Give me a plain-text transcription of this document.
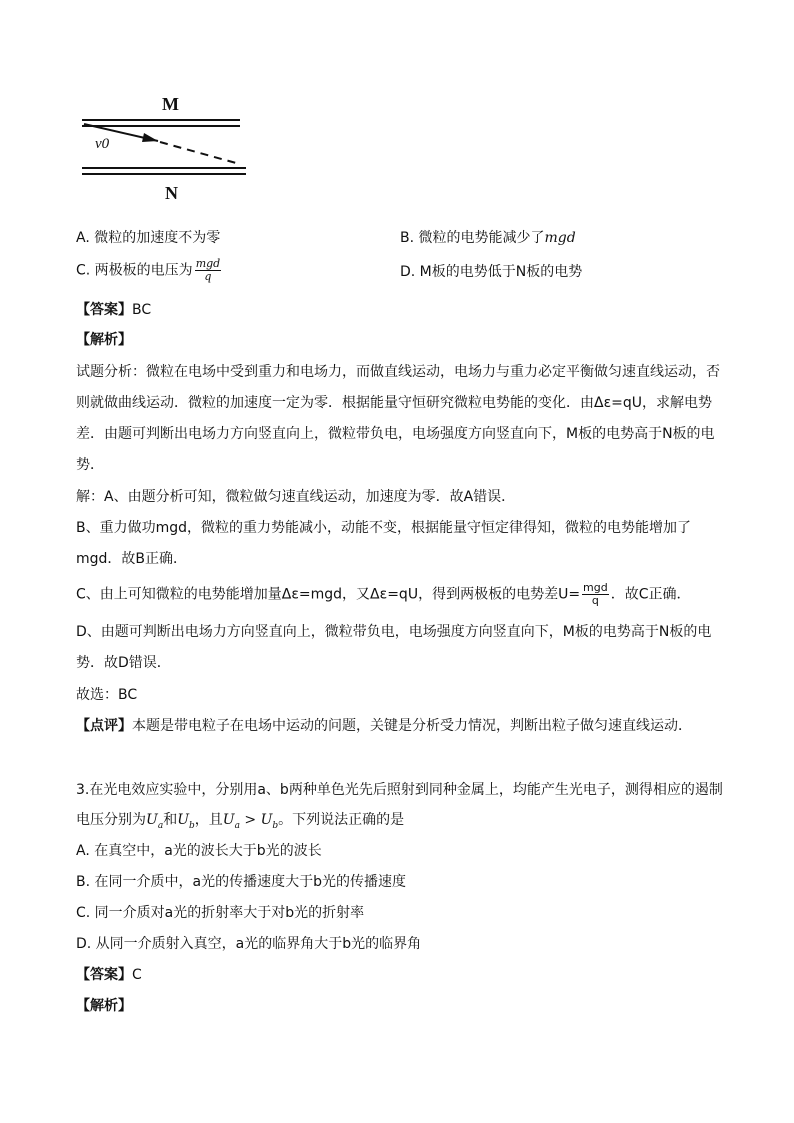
M
N
v0
A. 微粒的加速度不为零	B. 微粒的电势能减少了mgd
C. 两极板的电压为 $\frac{\text{mgd}}{q}$	D. M板的电势低于N板的电势
【答案】BC
【解析】
试题分析：微粒在电场中受到重力和电场力，而做直线运动，电场力与重力必定平衡做匀速直线运动，否
则就做曲线运动．微粒的加速度一定为零．根据能量守恒研究微粒电势能的变化．由Δε=qU，求解电势
差．由题可判断出电场力方向竖直向上，微粒带负电，电场强度方向竖直向下，M板的电势高于N板的电
势．
解：A、由题分析可知，微粒做匀速直线运动，加速度为零．故A错误．
B、重力做功mgd，微粒的重力势能减小，动能不变，根据能量守恒定律得知，微粒的电势能增加了
mgd．故B正确．
C、由上可知微粒的电势能增加量Δε=mgd，又Δε=qU，得到两极板的电势差$U= \frac{\text{mgd}}{q}$ ．故C正确．
D、由题可判断出电场力方向竖直向上，微粒带负电，电场强度方向竖直向下，M板的电势高于N板的电
势．故D错误．
故选：BC
【点评】本题是带电粒子在电场中运动的问题，关键是分析受力情况，判断出粒子做匀速直线运动．
3.在光电效应实验中，分别用a、b两种单色光先后照射到同种金属上，均能产生光电子，测得相应的遏制
电压分别为$U_a$和$U_b$，且$U_a > U_b$。下列说法正确的是
A. 在真空中，a光的波长大于b光的波长
B. 在同一介质中，a光的传播速度大于b光的传播速度
C. 同一介质对a光的折射率大于对b光的折射率
D. 从同一介质射入真空，a光的临界角大于b光的临界角
【答案】C
【解析】
